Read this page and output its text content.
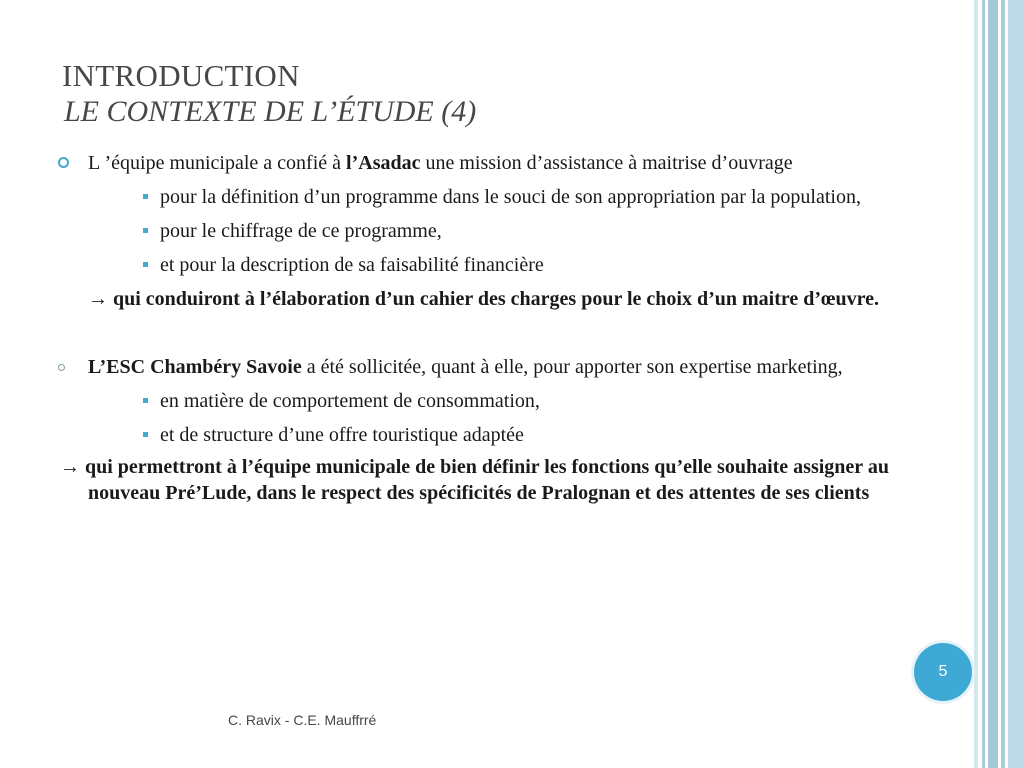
INTRODUCTION
LE CONTEXTE DE L’ÉTUDE (4)
L ’équipe municipale a confié à l’Asadac une mission d’assistance à maitrise d’ouvrage
pour la définition d’un programme dans le souci de son appropriation par la population,
pour le chiffrage de ce programme,
et pour la description de sa faisabilité financière
→ qui conduiront à l’élaboration d’un cahier des charges pour le choix d’un maitre d’œuvre.
L’ESC Chambéry Savoie a été sollicitée, quant à elle, pour apporter son expertise marketing,
en matière de comportement de consommation,
et de structure d’une offre touristique adaptée
→ qui permettront à l’équipe municipale de bien définir les fonctions qu’elle souhaite assigner au nouveau Pré’Lude, dans le respect des spécificités de Pralognan et des attentes de ses clients
5
C. Ravix - C.E. Mauffrré
